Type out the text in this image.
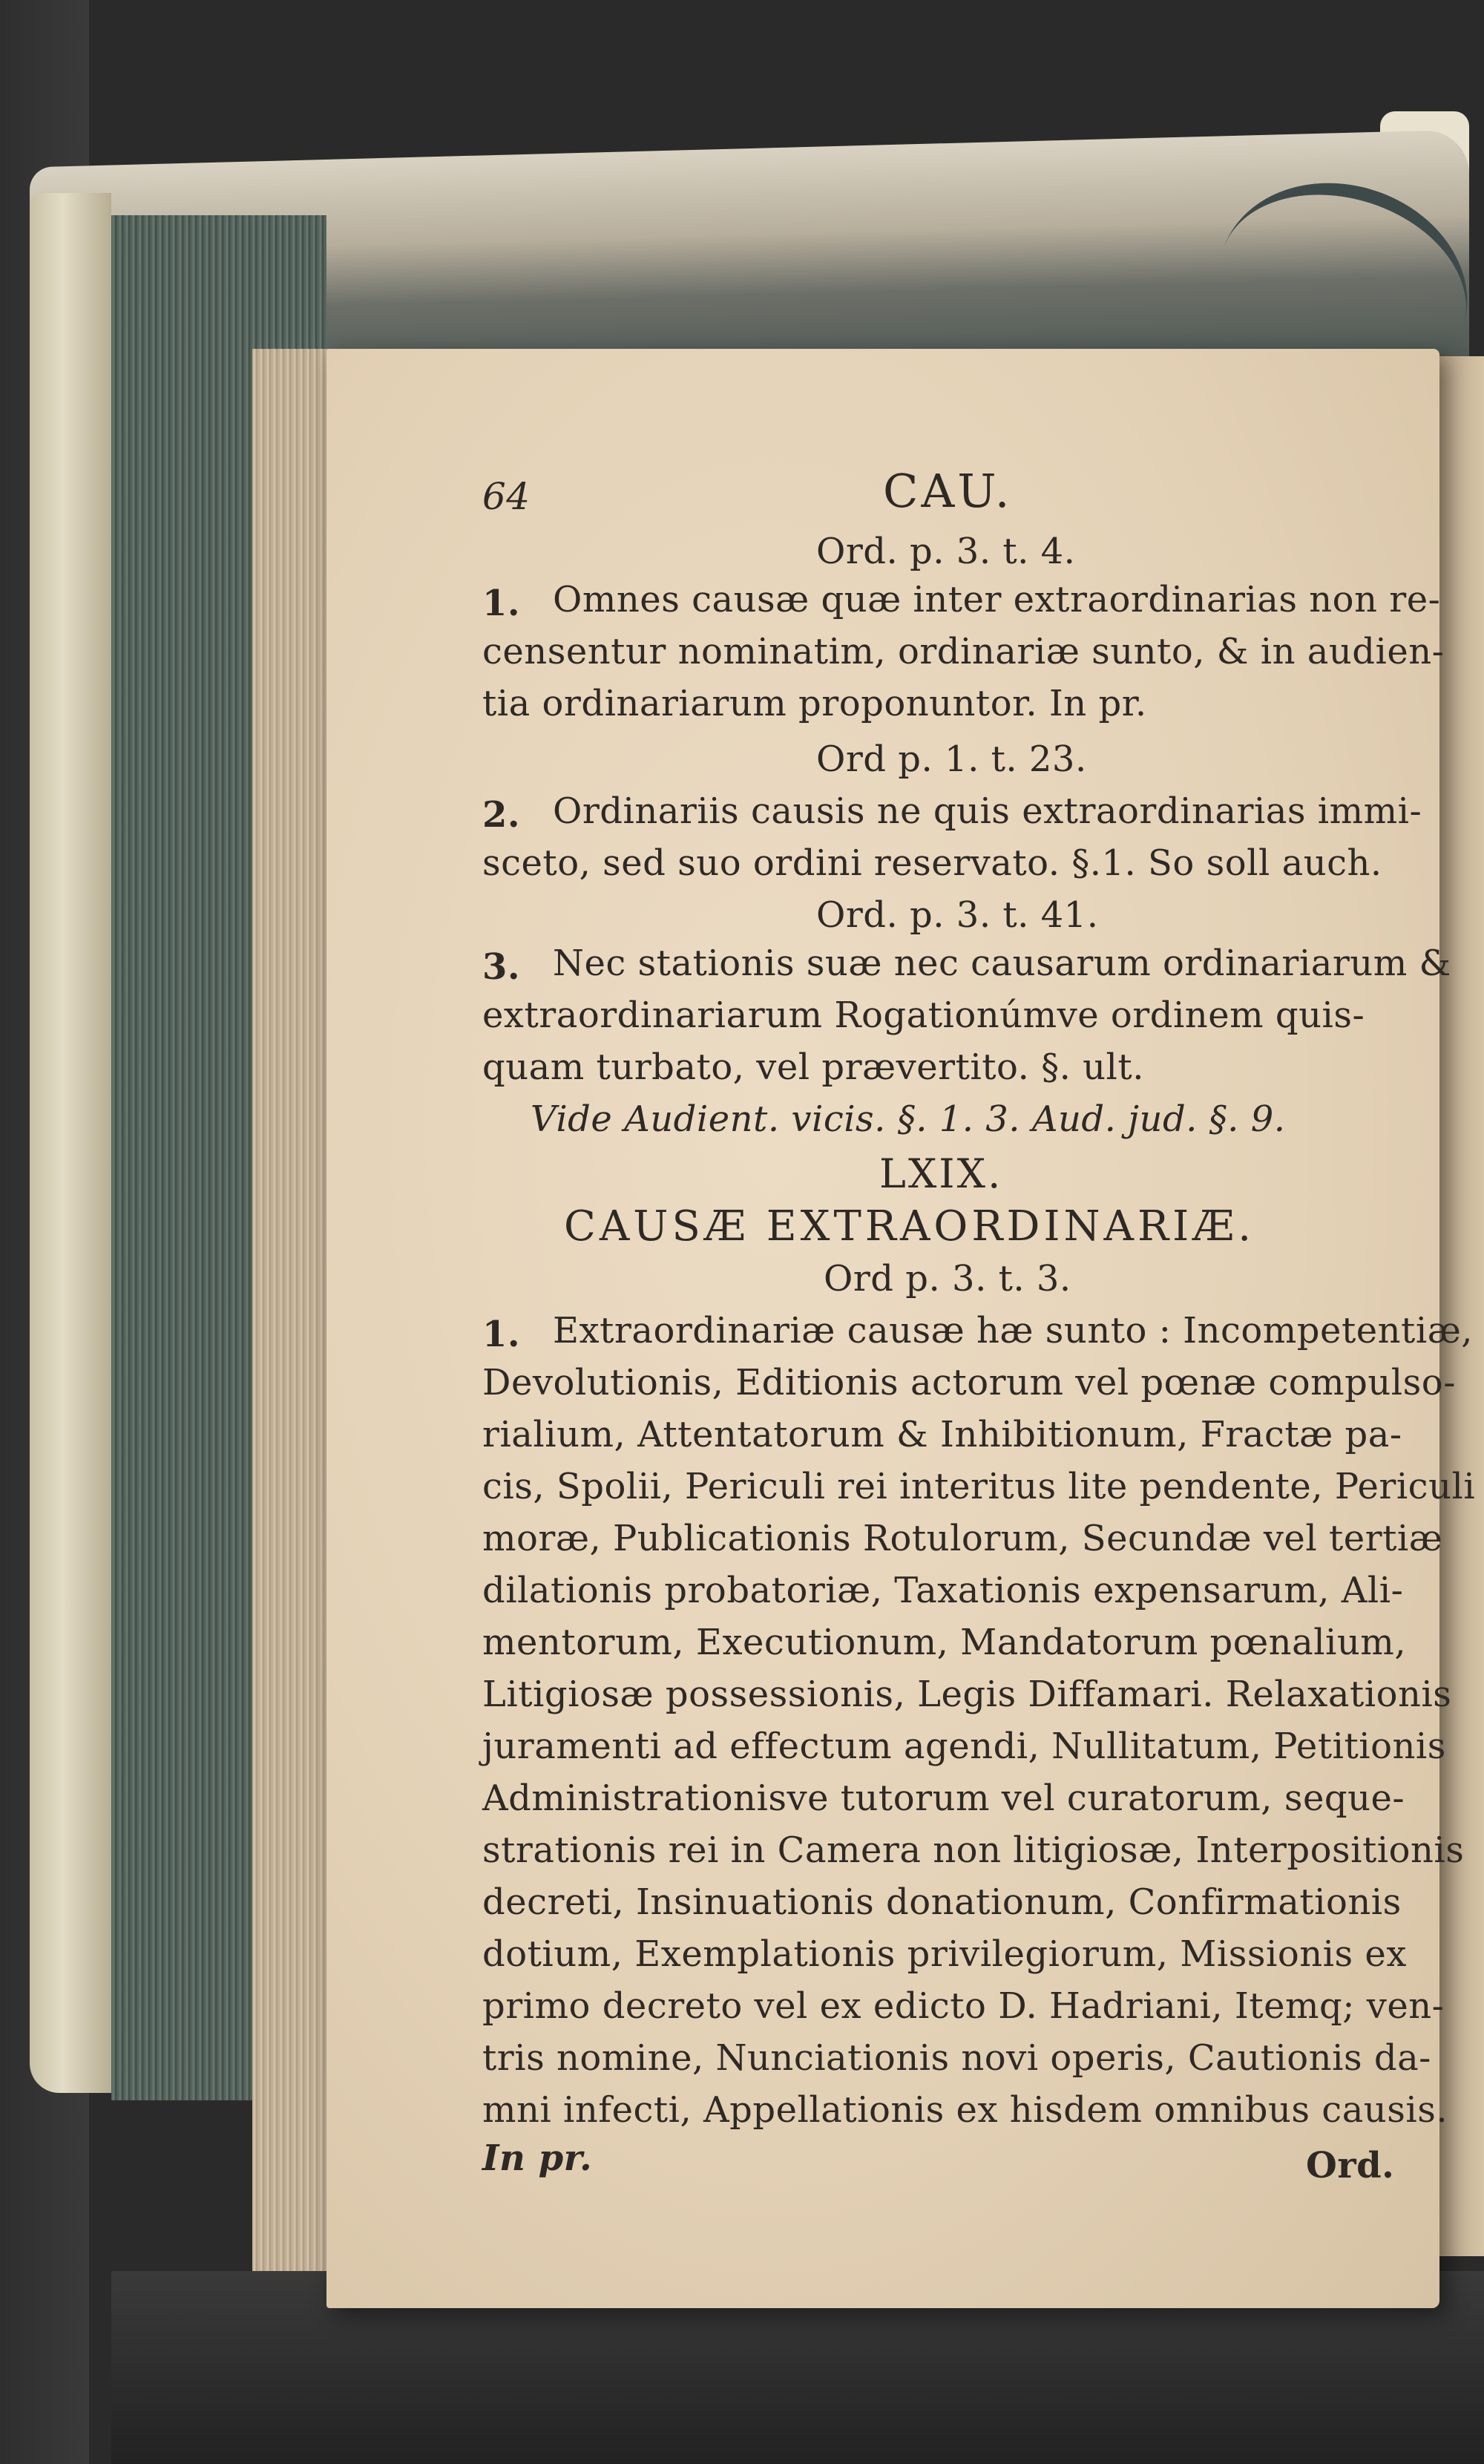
64	CAU.
Ord. p. 3. t. 4.
1. Omnes causæ quæ inter extraordinarias non re-
censentur nominatim, ordinariæ sunto, & in audien-
tia ordinariarum proponuntor. In pr.
Ord p. 1. t. 23.
2. Ordinariis causis ne quis extraordinarias immi-
sceto, sed suo ordini reservato. §.1. So soll auch.
Ord. p. 3. t. 41.
3. Nec stationis suæ nec causarum ordinariarum &
extraordinariarum Rogationúmve ordinem quis-
quam turbato, vel prævertito. §. ult.
Vide Audient. vicis. §. 1. 3. Aud. jud. §. 9.
LXIX.
CAUSÆ EXTRAORDINARIÆ.
Ord p. 3. t. 3.
1. Extraordinariæ causæ hæ sunto : Incompetentiæ,
Devolutionis, Editionis actorum vel pœnæ compulso-
rialium, Attentatorum & Inhibitionum, Fractæ pa-
cis, Spolii, Periculi rei interitus lite pendente, Periculi
moræ, Publicationis Rotulorum, Secundæ vel tertiæ
dilationis probatoriæ, Taxationis expensarum, Ali-
mentorum, Executionum, Mandatorum pœnalium,
Litigiosæ possessionis, Legis Diffamari. Relaxationis
juramenti ad effectum agendi, Nullitatum, Petitionis
Administrationisve tutorum vel curatorum, seque-
strationis rei in Camera non litigiosæ, Interpositionis
decreti, Insinuationis donationum, Confirmationis
dotium, Exemplationis privilegiorum, Missionis ex
primo decreto vel ex edicto D. Hadriani, Itemq; ven-
tris nomine, Nunciationis novi operis, Cautionis da-
mni infecti, Appellationis ex hisdem omnibus causis.
In pr.	Ord.
